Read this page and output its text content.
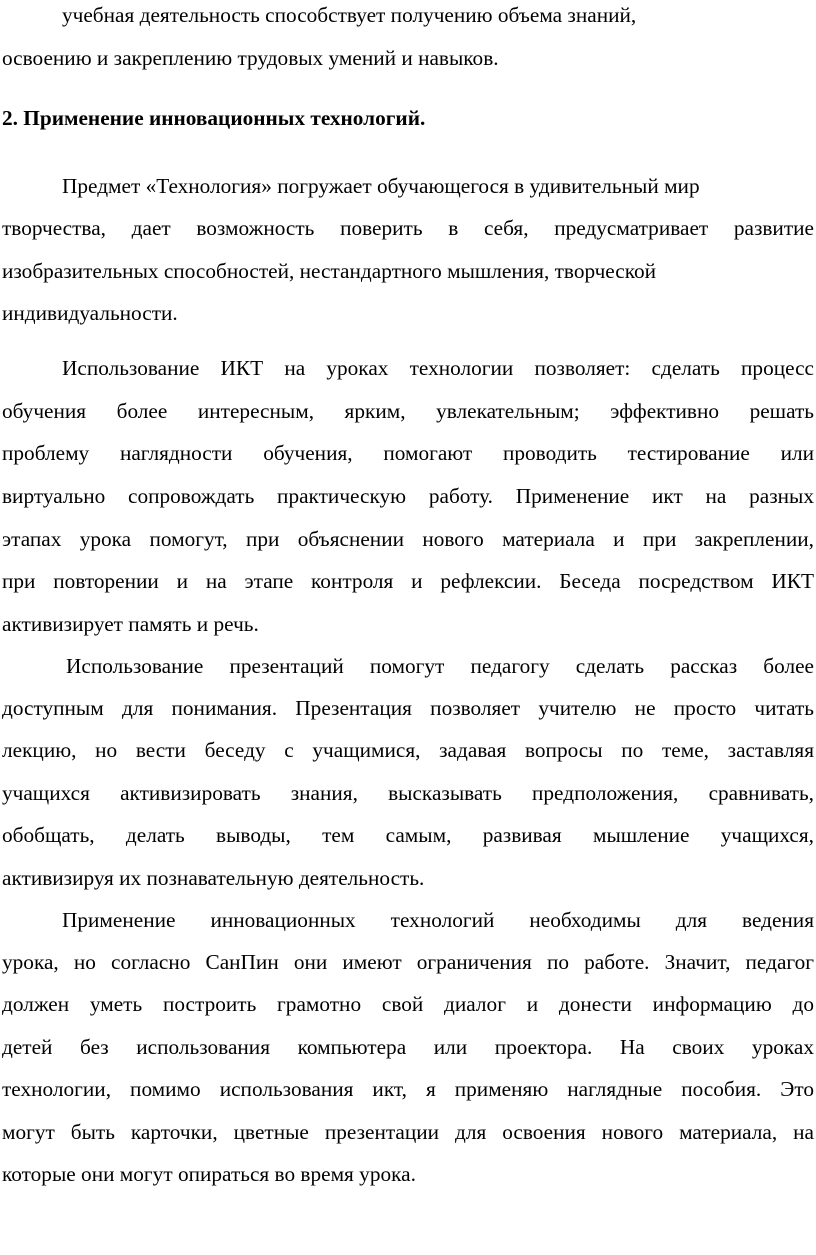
учебная деятельность способствует получению объема знаний,
освоению и закреплению трудовых умений и навыков.
2. Применение инновационных технологий.
Предмет «Технология» погружает обучающегося в удивительный мир
творчества, дает возможность поверить в себя, предусматривает развитие
изобразительных способностей, нестандартного мышления, творческой
индивидуальности.
Использование ИКТ на уроках технологии позволяет: сделать процесс
обучения более интересным, ярким, увлекательным; эффективно решать
проблему наглядности обучения, помогают проводить тестирование или
виртуально сопровождать практическую работу. Применение икт на разных
этапах урока помогут, при объяснении нового материала и при закреплении,
при повторении и на этапе контроля и рефлексии. Беседа посредством ИКТ
активизирует память и речь.
Использование презентаций помогут педагогу сделать рассказ более
доступным для понимания. Презентация позволяет учителю не просто читать
лекцию, но вести беседу с учащимися, задавая вопросы по теме, заставляя
учащихся активизировать знания, высказывать предположения, сравнивать,
обобщать, делать выводы, тем самым, развивая мышление учащихся,
активизируя их познавательную деятельность.
Применение инновационных технологий необходимы для ведения
урока, но согласно СанПин они имеют ограничения по работе. Значит, педагог
должен уметь построить грамотно свой диалог и донести информацию до
детей без использования компьютера или проектора. На своих уроках
технологии, помимо использования икт, я применяю наглядные пособия. Это
могут быть карточки, цветные презентации для освоения нового материала, на
которые они могут опираться во время урока.
